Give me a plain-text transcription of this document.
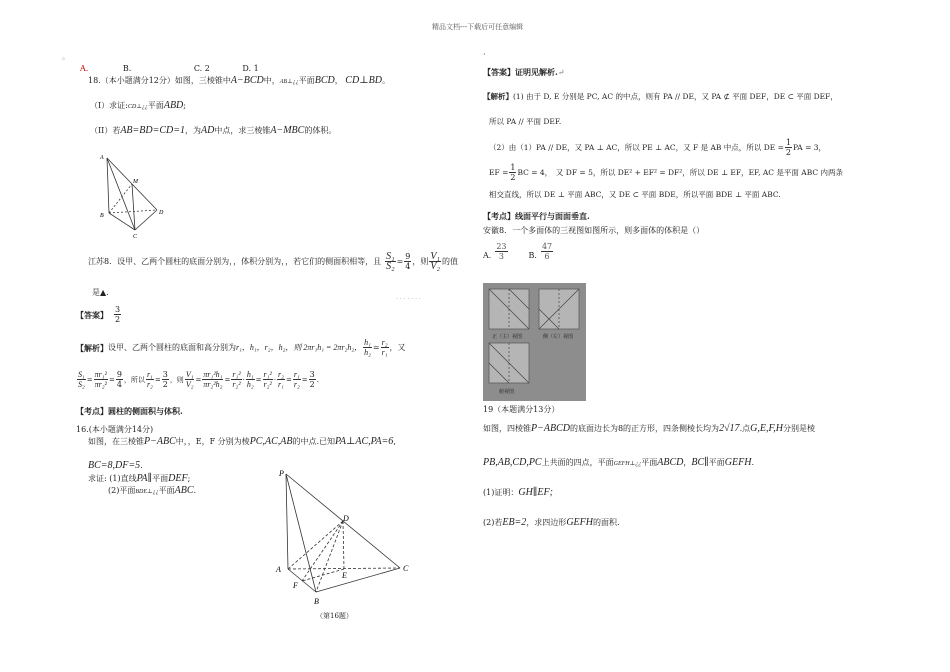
精品文档---下载后可任意编辑
。	‘
A.	B.	C. 2	D. 1
18.（本小题满分12分）如图，三棱锥中A−BCD中，AB⊥¿¿平面BCD， CD⊥BD。
（I）求证:CD⊥¿¿平面ABD;
（II）若AB=BD=CD=1，为AD中点，求三棱锥A−MBC的体积。
A
M
B	D
C
江苏8．设甲、乙两个圆柱的底面分别为，，体积分别为，，若它们的侧面积相等，且 $\frac{\text{S₁}}{\text{S₂}} = \frac{9}{4}$ ，则 $\frac{\text{V₁}}{\text{V₂}}$ 的值
是▲.
. . . . . . .
【答案】 $\frac{3}{2}$
【解析】 设甲、乙两个圆柱的底面和高分别为 r₁，h₁，r₂，h₂，则 2πr₁h₁ = 2πr₂h₂， $\frac{\text{h₁}}{\text{h₂}} = \frac{\text{r₂}}{\text{r₁}}$ ，又
$\frac{\text{S₁}}{\text{S₂}} = \frac{\text{πr₁²}}{\text{πr₂²}} = \frac{9}{4}$ ，所以 $\frac{\text{r₁}}{\text{r₂}} = \frac{3}{2}$ ，则 $\frac{\text{V₁}}{\text{V₂}} = \frac{\text{πr₁²h₁}}{\text{πr₂²h₂}} = \frac{\text{r₁²}}{\text{r₂²}} \cdot \frac{\text{h₁}}{\text{h₂}} = \frac{\text{r₁²}}{\text{r₂²}} \cdot \frac{\text{r₂}}{\text{r₁}} = \frac{\text{r₁}}{\text{r₂}} = \frac{3}{2}$ .
【考点】圆柱的侧面积与体积.
16.(本小题满分14分)
如图，在三棱锥P−ABC中，，E，F 分别为棱PC,AC,AB的中点.已知PA⊥AC,PA=6,
BC=8,DF=5.
求证: (1)直线PA∥平面DEF;
(2)平面BDE⊥¿¿平面ABC.
P
D
A
E
C
F
B
（第16题）
【答案】证明见解析.↵
【解析】(1) 由于 D, E 分别是 PC, AC 的中点，则有 PA // DE，又 PA ⊄ 平面 DEF，DE ⊂ 平面 DEF，
所以 PA // 平面 DEF.
（2）由（1）PA // DE，又 PA ⊥ AC，所以 PE ⊥ AC，又 F 是 AB 中点，所以 DE = $\frac{1}{2}$ PA = 3，
EF = $\frac{1}{2}$ BC = 4，　又 DF = 5，所以 DE² + EF² = DF²，所以 DE ⊥ EF，EF, AC 是平面 ABC 内两条
相交直线，所以 DE ⊥ 平面 ABC，又 DE ⊂ 平面 BDE，所以平面 BDE ⊥ 平面 ABC.
【考点】线面平行与面面垂直.
安徽8．一个多面体的三视图如图所示，则多面体的体积是（）
A. $\frac{23}{3}$	B. $\frac{47}{6}$
正（主）视图	侧（左）视图
俯视图
19（本题满分13分）
如图，四棱锥P−ABCD的底面边长为8的正方形，四条侧棱长均为2√17.点G,E,F,H分别是棱
PB,AB,CD,PC上共面的四点，平面GEFH⊥¿¿平面ABCD，BC∥平面GEFH.
(1)证明：GH∥EF;
(2)若EB=2，求四边形GEFH的面积.
